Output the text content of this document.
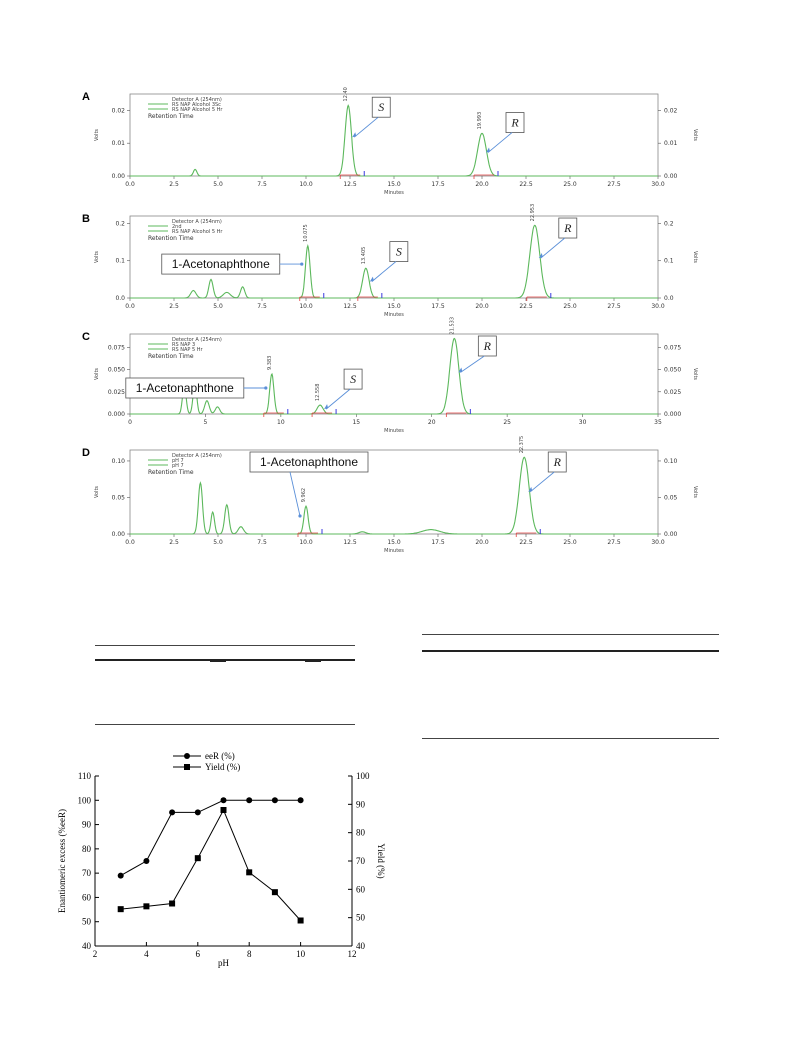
A	Detector A (254nm)
RS NAP Alcohol 3Sc
RS NAP Alcohol 5 Hr
Retention Time
0.00	0.00
0.01	0.01
0.02	0.02
Volts	Volts
0.0	2.5	5.0	7.5	10.0	12.5	15.0	17.5	20.0	22.5	25.0	27.5	30.0
Minutes
12.40
19.993
S
R
B	Detector A (254nm)
2nd
RS NAP Alcohol 5 Hr
Retention Time
0.0	0.0
0.1	0.1
0.2	0.2
Volts	Volts
0.0	2.5	5.0	7.5	10.0	12.5	15.0	17.5	20.0	22.5	25.0	27.5	30.0
Minutes
10.075
13.405
22.953
S
R
1-Acetonaphthone
C	Detector A (254nm)
RS NAP 3
RS NAP 5 Hr
Retention Time
0.000	0.000
0.025	0.025
0.050	0.050
0.075	0.075
Volts	Volts
0	5	10	15	20	25	30	35
Minutes
9.383
12.558
21.533
S
R
1-Acetonaphthone
D	Detector A (254nm)
pH 7
pH 7
Retention Time
0.00	0.00
0.05	0.05
0.10	0.10
Volts	Volts
0.0	2.5	5.0	7.5	10.0	12.5	15.0	17.5	20.0	22.5	25.0	27.5	30.0
Minutes
9.962
22.375
R
1-Acetonaphthone
40
50
60
70
80
90
100
110
40
50
60
70
80
90
100
2	4	6	8	10	12
pH
Enantiomeric excess (%eeR)	Yield (%)
eeR (%)
Yield (%)
